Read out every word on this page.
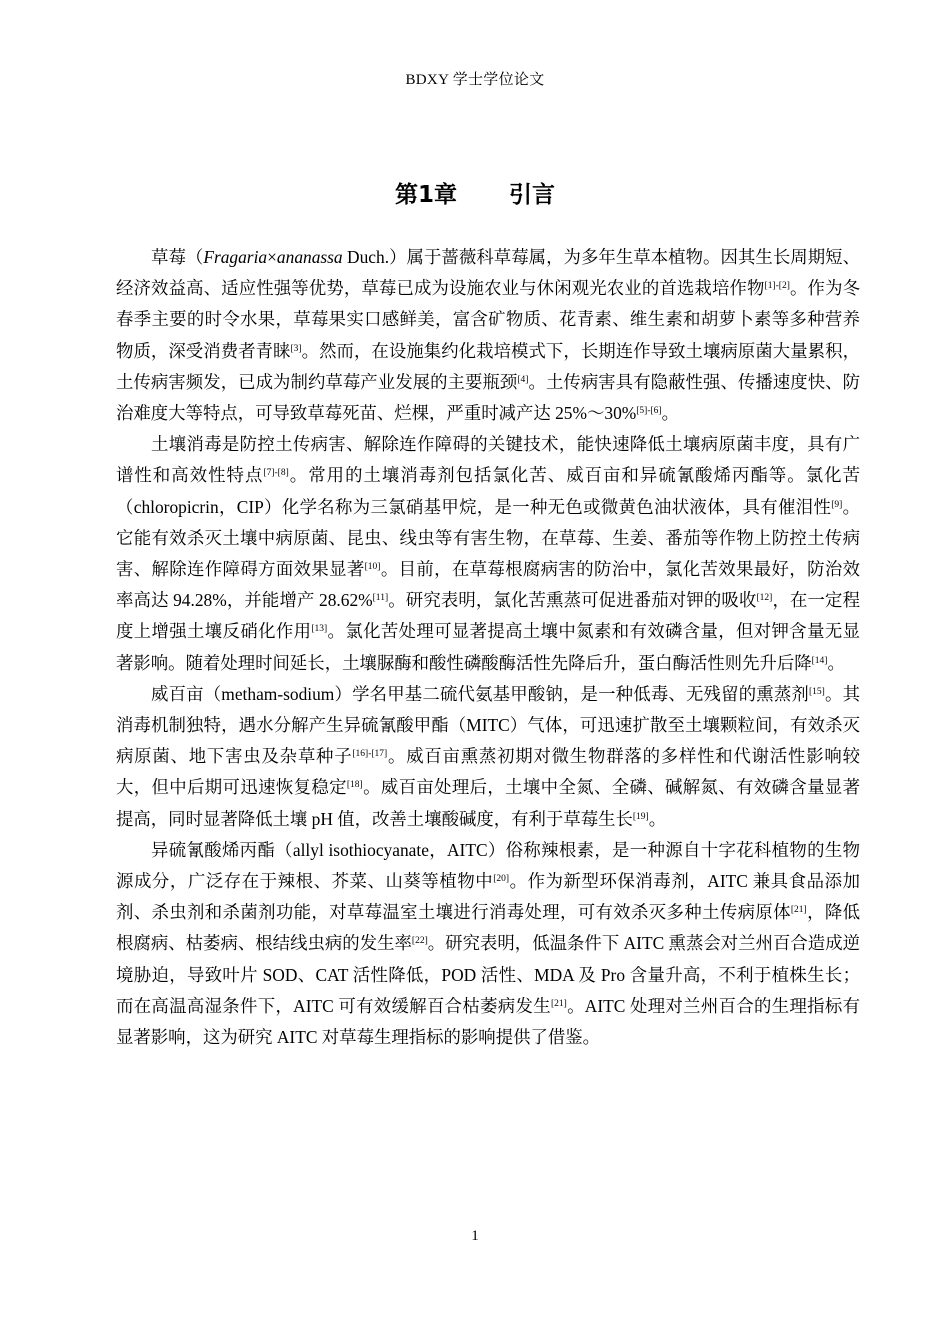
BDXY 学士学位论文
第1章 引言

草莓（Fragaria×ananassa Duch.）属于蔷薇科草莓属，为多年生草本植物。因其生长周期短、经济效益高、适应性强等优势，草莓已成为设施农业与休闲观光农业的首选栽培作物[1]-[2]。作为冬春季主要的时令水果，草莓果实口感鲜美，富含矿物质、花青素、维生素和胡萝卜素等多种营养物质，深受消费者青睐[3]。然而，在设施集约化栽培模式下，长期连作导致土壤病原菌大量累积，土传病害频发，已成为制约草莓产业发展的主要瓶颈[4]。土传病害具有隐蔽性强、传播速度快、防治难度大等特点，可导致草莓死苗、烂棵，严重时减产达 25%～30%[5]-[6]。

土壤消毒是防控土传病害、解除连作障碍的关键技术，能快速降低土壤病原菌丰度，具有广谱性和高效性特点[7]-[8]。常用的土壤消毒剂包括氯化苦、威百亩和异硫氰酸烯丙酯等。氯化苦（chloropicrin，CIP）化学名称为三氯硝基甲烷，是一种无色或微黄色油状液体，具有催泪性[9]。它能有效杀灭土壤中病原菌、昆虫、线虫等有害生物，在草莓、生姜、番茄等作物上防控土传病害、解除连作障碍方面效果显著[10]。目前，在草莓根腐病害的防治中，氯化苦效果最好，防治效率高达 94.28%，并能增产 28.62%[11]。研究表明，氯化苦熏蒸可促进番茄对钾的吸收[12]，在一定程度上增强土壤反硝化作用[13]。氯化苦处理可显著提高土壤中氮素和有效磷含量，但对钾含量无显著影响。随着处理时间延长，土壤脲酶和酸性磷酸酶活性先降后升，蛋白酶活性则先升后降[14]。

威百亩（metham-sodium）学名甲基二硫代氨基甲酸钠，是一种低毒、无残留的熏蒸剂[15]。其消毒机制独特，遇水分解产生异硫氰酸甲酯（MITC）气体，可迅速扩散至土壤颗粒间，有效杀灭病原菌、地下害虫及杂草种子[16]-[17]。威百亩熏蒸初期对微生物群落的多样性和代谢活性影响较大，但中后期可迅速恢复稳定[18]。威百亩处理后，土壤中全氮、全磷、碱解氮、有效磷含量显著提高，同时显著降低土壤 pH 值，改善土壤酸碱度，有利于草莓生长[19]。

异硫氰酸烯丙酯（allyl isothiocyanate，AITC）俗称辣根素，是一种源自十字花科植物的生物源成分，广泛存在于辣根、芥菜、山葵等植物中[20]。作为新型环保消毒剂，AITC 兼具食品添加剂、杀虫剂和杀菌剂功能，对草莓温室土壤进行消毒处理，可有效杀灭多种土传病原体[21]，降低根腐病、枯萎病、根结线虫病的发生率[22]。研究表明，低温条件下 AITC 熏蒸会对兰州百合造成逆境胁迫，导致叶片 SOD、CAT 活性降低，POD 活性、MDA 及 Pro 含量升高，不利于植株生长；而在高温高湿条件下，AITC 可有效缓解百合枯萎病发生[21]。AITC 处理对兰州百合的生理指标有显著影响，这为研究 AITC 对草莓生理指标的影响提供了借鉴。

1
